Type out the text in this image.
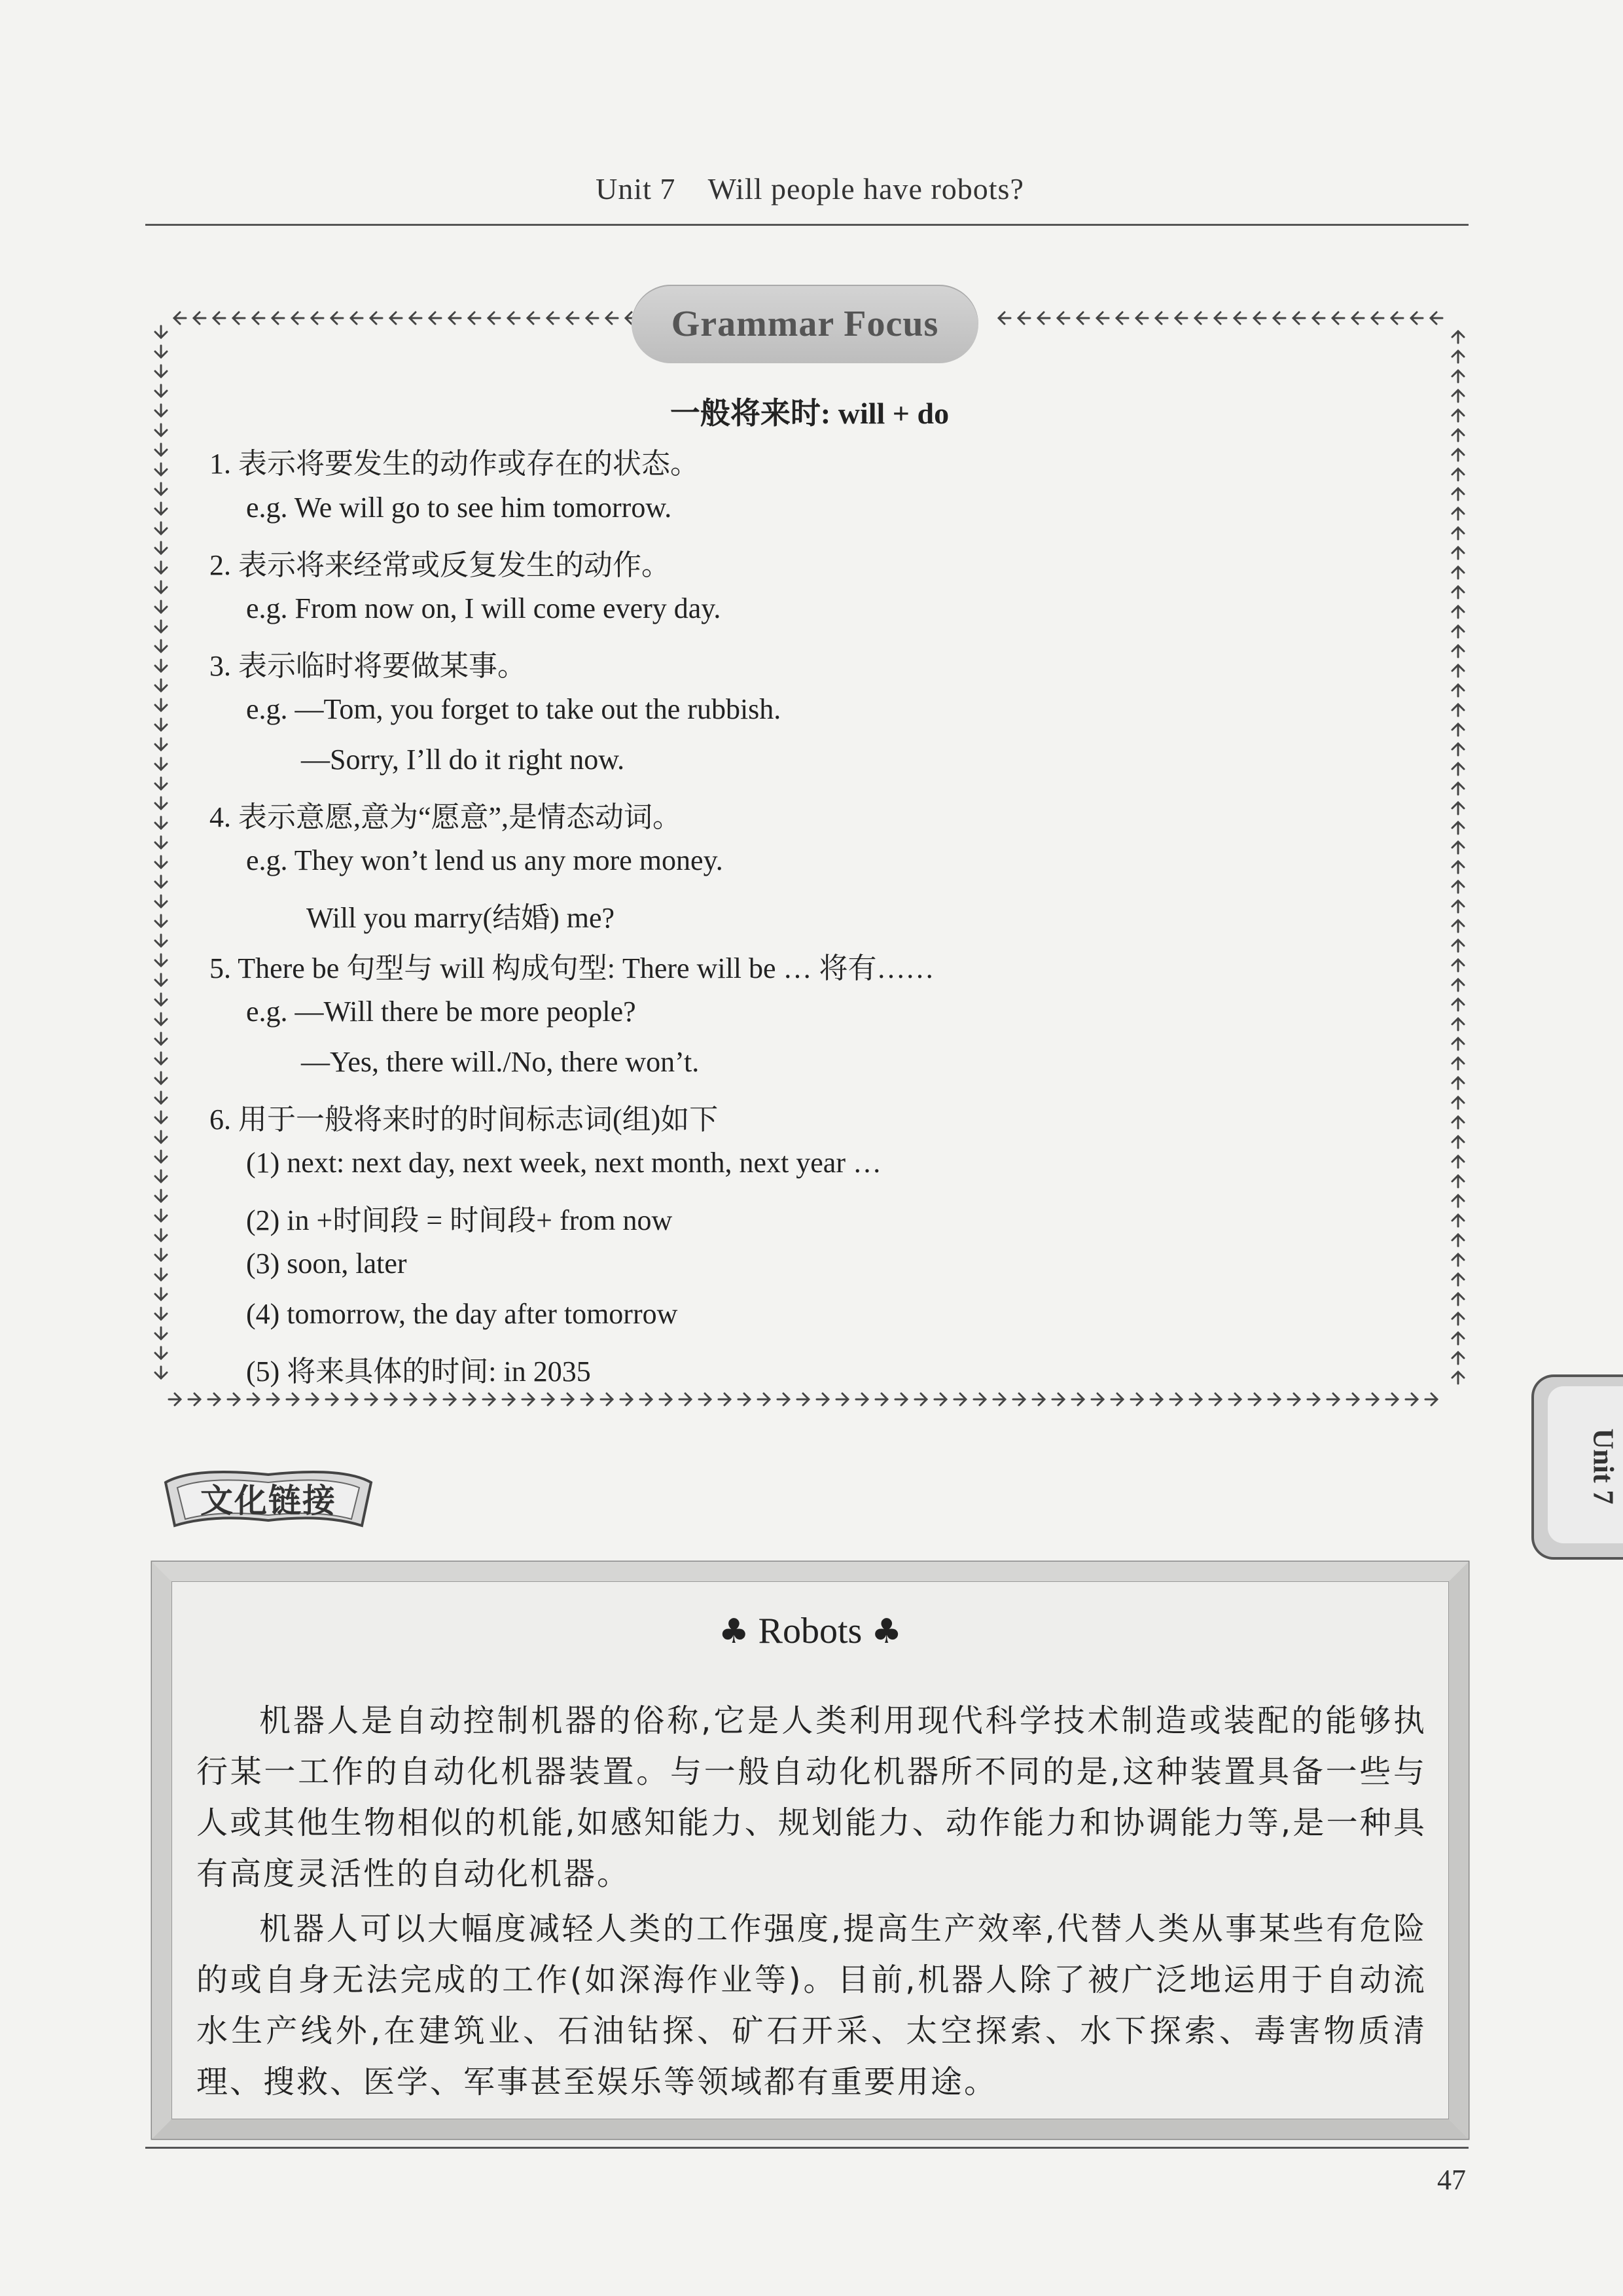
Unit 7    Will people have robots?
Grammar Focus
一般将来时: will + do
1. 表示将要发生的动作或存在的状态。
e.g. We will go to see him tomorrow.
2. 表示将来经常或反复发生的动作。
e.g. From now on, I will come every day.
3. 表示临时将要做某事。
e.g. —Tom, you forget to take out the rubbish.
—Sorry, I’ll do it right now.
4. 表示意愿,意为“愿意”,是情态动词。
e.g. They won’t lend us any more money.
Will you marry(结婚) me?
5. There be 句型与 will 构成句型: There will be … 将有……
e.g. —Will there be more people?
—Yes, there will./No, there won’t.
6. 用于一般将来时的时间标志词(组)如下
(1) next: next day, next week, next month, next year …
(2) in +时间段 = 时间段+ from now
(3) soon, later
(4) tomorrow, the day after tomorrow
(5) 将来具体的时间: in 2035
文化链接
♣ Robots ♣
机器人是自动控制机器的俗称,它是人类利用现代科学技术制造或装配的能够执行某一工作的自动化机器装置。与一般自动化机器所不同的是,这种装置具备一些与人或其他生物相似的机能,如感知能力、规划能力、动作能力和协调能力等,是一种具有高度灵活性的自动化机器。
机器人可以大幅度减轻人类的工作强度,提高生产效率,代替人类从事某些有危险的或自身无法完成的工作(如深海作业等)。目前,机器人除了被广泛地运用于自动流水生产线外,在建筑业、石油钻探、矿石开采、太空探索、水下探索、毒害物质清理、搜救、医学、军事甚至娱乐等领域都有重要用途。
Unit 7
47
